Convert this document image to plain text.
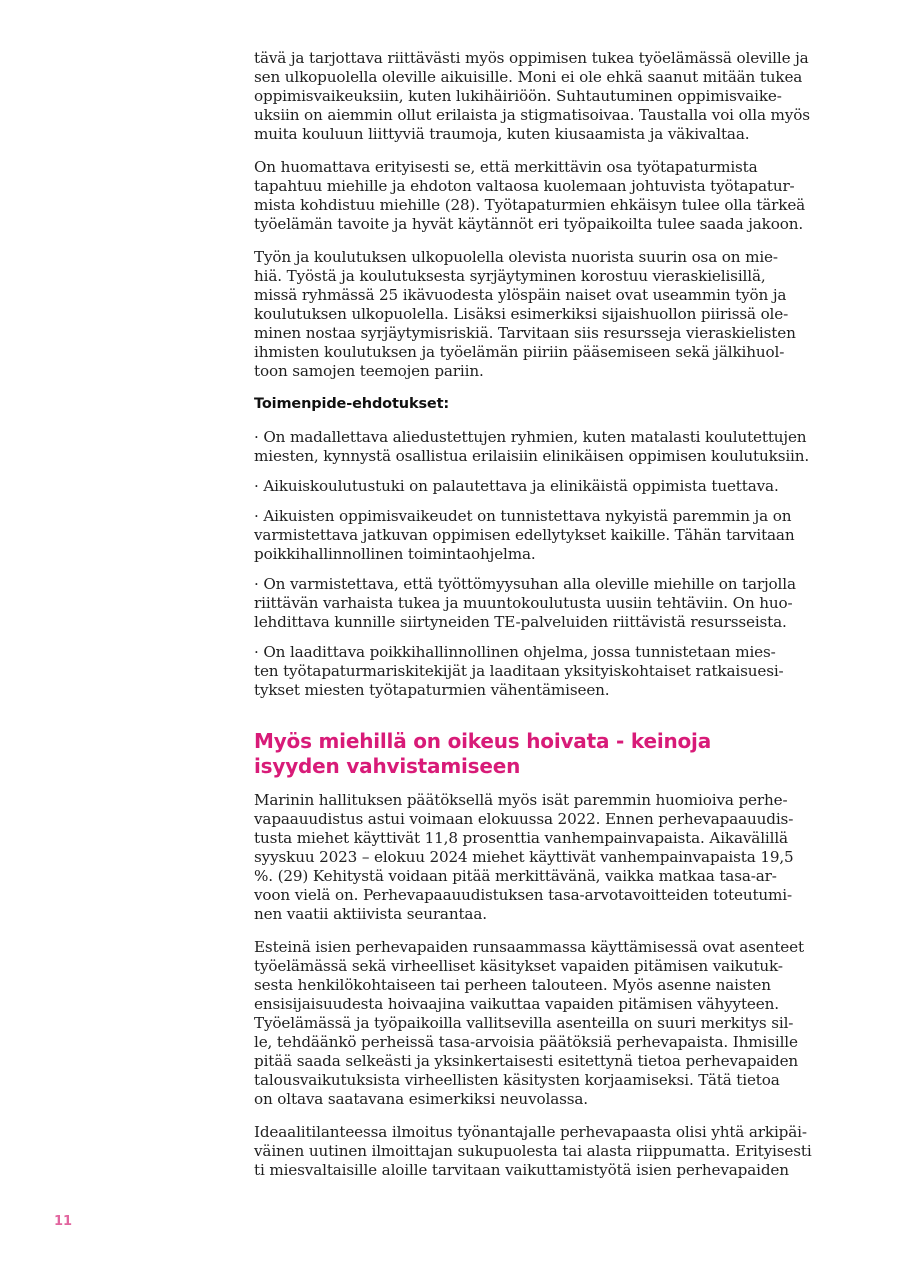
tävä ja tarjottava riittävästi myös oppimisen tukea työelämässä oleville ja
sen ulkopuolella oleville aikuisille. Moni ei ole ehkä saanut mitään tukea
oppimisvaikeuksiin, kuten lukihäiriöön. Suhtautuminen oppimisvaike-
uksiin on aiemmin ollut erilaista ja stigmatisoivaa. Taustalla voi olla myös
muita kouluun liittyviä traumoja, kuten kiusaamista ja väkivaltaa.
On huomattava erityisesti se, että merkittävin osa työtapaturmista
tapahtuu miehille ja ehdoton valtaosa kuolemaan johtuvista työtapatur-
mista kohdistuu miehille (28). Työtapaturmien ehkäisyn tulee olla tärkeä
työelämän tavoite ja hyvät käytännöt eri työpaikoilta tulee saada jakoon.
Työn ja koulutuksen ulkopuolella olevista nuorista suurin osa on mie-
hiä. Työstä ja koulutuksesta syrjäytyminen korostuu vieraskielisillä,
missä ryhmässä 25 ikävuodesta ylöspäin naiset ovat useammin työn ja
koulutuksen ulkopuolella. Lisäksi esimerkiksi sijaishuollon piirissä ole-
minen nostaa syrjäytymisriskiä. Tarvitaan siis resursseja vieraskielisten
ihmisten koulutuksen ja työelämän piiriin pääsemiseen sekä jälkihuol-
toon samojen teemojen pariin.
Toimenpide-ehdotukset:
· On madallettava aliedustettujen ryhmien, kuten matalasti koulutettujen
miesten, kynnystä osallistua erilaisiin elinikäisen oppimisen koulutuksiin.
· Aikuiskoulutustuki on palautettava ja elinikäistä oppimista tuettava.
· Aikuisten oppimisvaikeudet on tunnistettava nykyistä paremmin ja on
varmistettava jatkuvan oppimisen edellytykset kaikille. Tähän tarvitaan
poikkihallinnollinen toimintaohjelma.
· On varmistettava, että työttömyysuhan alla oleville miehille on tarjolla
riittävän varhaista tukea ja muuntokoulutusta uusiin tehtäviin. On huo-
lehdittava kunnille siirtyneiden TE-palveluiden riittävistä resursseista.
· On laadittava poikkihallinnollinen ohjelma, jossa tunnistetaan mies-
ten työtapaturmariskitekijät ja laaditaan yksityiskohtaiset ratkaisuesi-
tykset miesten työtapaturmien vähentämiseen.
Myös miehillä on oikeus hoivata - keinoja
isyyden vahvistamiseen
Marinin hallituksen päätöksellä myös isät paremmin huomioiva perhe-
vapaauudistus astui voimaan elokuussa 2022. Ennen perhevapaauudis-
tusta miehet käyttivät 11,8 prosenttia vanhempainvapaista. Aikavälillä
syyskuu 2023 – elokuu 2024 miehet käyttivät vanhempainvapaista 19,5
%. (29) Kehitystä voidaan pitää merkittävänä, vaikka matkaa tasa-ar-
voon vielä on. Perhevapaauudistuksen tasa-arvotavoitteiden toteutumi-
nen vaatii aktiivista seurantaa.
Esteinä isien perhevapaiden runsaammassa käyttämisessä ovat asenteet
työelämässä sekä virheelliset käsitykset vapaiden pitämisen vaikutuk-
sesta henkilökohtaiseen tai perheen talouteen. Myös asenne naisten
ensisijaisuudesta hoivaajina vaikuttaa vapaiden pitämisen vähyyteen.
Työelämässä ja työpaikoilla vallitsevilla asenteilla on suuri merkitys sil-
le, tehdäänkö perheissä tasa-arvoisia päätöksiä perhevapaista. Ihmisille
pitää saada selkeästi ja yksinkertaisesti esitettynä tietoa perhevapaiden
talousvaikutuksista virheellisten käsitysten korjaamiseksi. Tätä tietoa
on oltava saatavana esimerkiksi neuvolassa.
Ideaalitilanteessa ilmoitus työnantajalle perhevapaasta olisi yhtä arkipäi-
väinen uutinen ilmoittajan sukupuolesta tai alasta riippumatta. Erityisesti
ti miesvaltaisille aloille tarvitaan vaikuttamistyötä isien perhevapaiden
11
